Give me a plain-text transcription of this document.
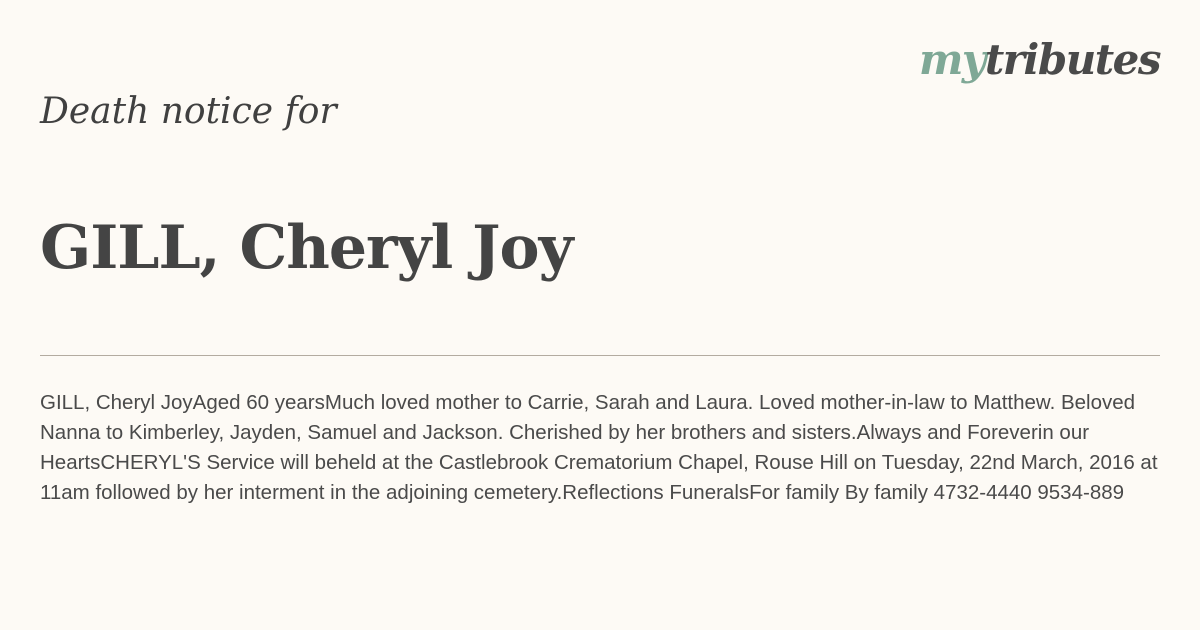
mytributes
Death notice for
GILL, Cheryl Joy

GILL, Cheryl JoyAged 60 yearsMuch loved mother to Carrie, Sarah and Laura. Loved mother-in-law to Matthew. Beloved Nanna to Kimberley, Jayden, Samuel and Jackson. Cherished by her brothers and sisters.Always and Foreverin our HeartsCHERYL'S Service will beheld at the Castlebrook Crematorium Chapel, Rouse Hill on Tuesday, 22nd March, 2016 at 11am followed by her interment in the adjoining cemetery.Reflections FuneralsFor family By family 4732-4440 9534-889
